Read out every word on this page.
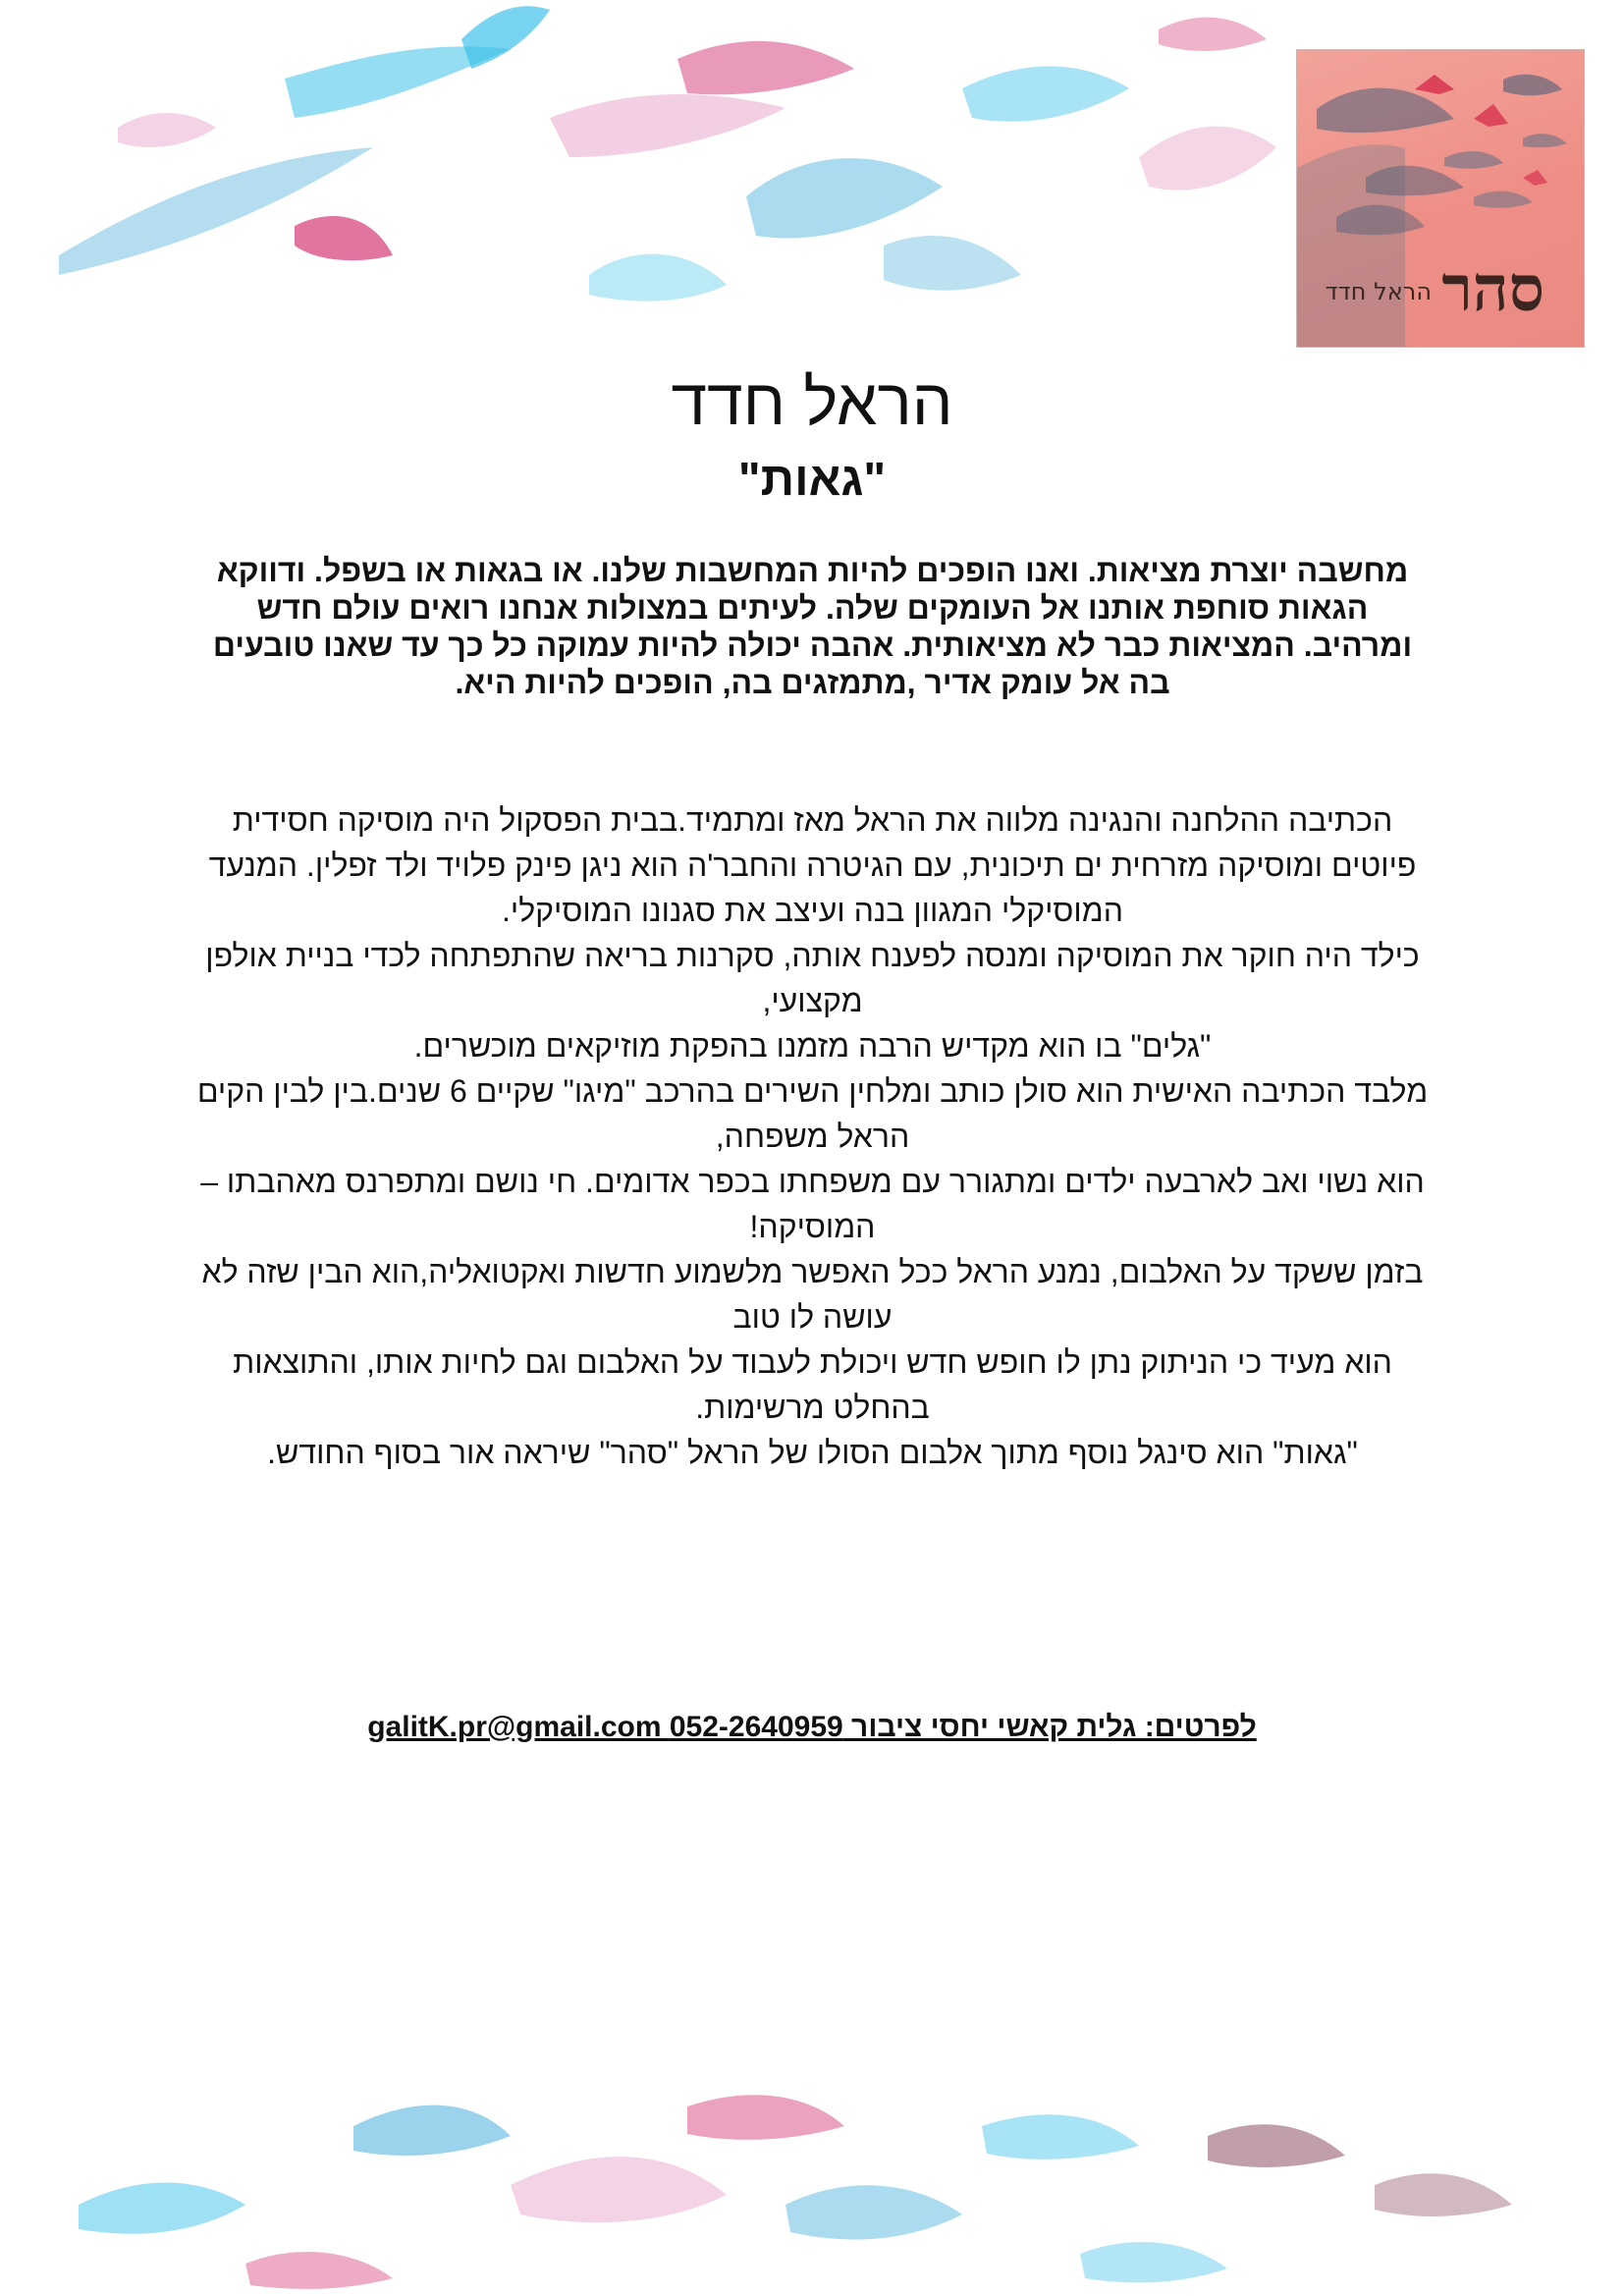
הראל חדד סהר
הראל חדד
"גאות"
מחשבה יוצרת מציאות. ואנו הופכים להיות המחשבות שלנו. או בגאות או בשפל. ודווקא הגאות סוחפת אותנו אל העומקים שלה. לעיתים במצולות אנחנו רואים עולם חדש ומרהיב. המציאות כבר לא מציאותית. אהבה יכולה להיות עמוקה כל כך עד שאנו טובעים בה אל עומק אדיר ,מתמזגים בה, הופכים להיות היא.

הכתיבה ההלחנה והנגינה מלווה את הראל מאז ומתמיד.בבית הפסקול היה מוסיקה חסידית פיוטים ומוסיקה מזרחית ים תיכונית, עם הגיטרה והחבר'ה הוא ניגן פינק פלויד ולד זפלין. המנעד המוסיקלי המגוון בנה ועיצב את סגנונו המוסיקלי.

כילד היה חוקר את המוסיקה ומנסה לפענח אותה, סקרנות בריאה שהתפתחה לכדי בניית אולפן מקצועי,

"גלים" בו הוא מקדיש הרבה מזמנו בהפקת מוזיקאים מוכשרים.

מלבד הכתיבה האישית הוא סולן כותב ומלחין השירים בהרכב "מיגו" שקיים 6 שנים.בין לבין הקים הראל משפחה,

הוא נשוי ואב לארבעה ילדים ומתגורר עם משפחתו בכפר אדומים. חי נושם ומתפרנס מאהבתו – המוסיקה!

בזמן ששקד על האלבום, נמנע הראל ככל האפשר מלשמוע חדשות ואקטואליה,הוא הבין שזה לא עושה לו טוב

הוא מעיד כי הניתוק נתן לו חופש חדש ויכולת לעבוד על האלבום וגם לחיות אותו, והתוצאות בהחלט מרשימות.

"גאות" הוא סינגל נוסף מתוך אלבום הסולו של הראל "סהר" שיראה אור בסוף החודש.

לפרטים: גלית קאשי יחסי ציבור 052-2640959 galitK.pr@gmail.com
